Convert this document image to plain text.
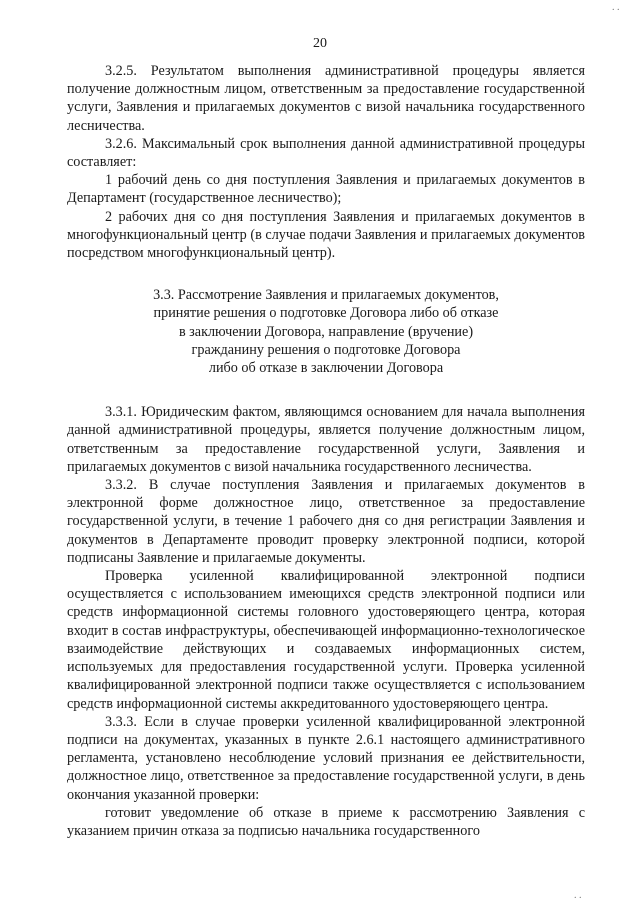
20

3.2.5. Результатом выполнения административной процедуры является получение должностным лицом, ответственным за предоставление государственной услуги, Заявления и прилагаемых документов с визой начальника государственного лесничества.

3.2.6. Максимальный срок выполнения данной административной процедуры составляет:

1 рабочий день со дня поступления Заявления и прилагаемых документов в Департамент (государственное лесничество);

2 рабочих дня со дня поступления Заявления и прилагаемых документов в многофункциональный центр (в случае подачи Заявления и прилагаемых документов посредством многофункциональный центр).

3.3. Рассмотрение Заявления и прилагаемых документов,
принятие решения о подготовке Договора либо об отказе
в заключении Договора, направление (вручение)
гражданину решения о подготовке Договора
либо об отказе в заключении Договора

3.3.1. Юридическим фактом, являющимся основанием для начала выполнения данной административной процедуры, является получение должностным лицом, ответственным за предоставление государственной услуги, Заявления и прилагаемых документов с визой начальника государственного лесничества.

3.3.2. В случае поступления Заявления и прилагаемых документов в электронной форме должностное лицо, ответственное за предоставление государственной услуги, в течение 1 рабочего дня со дня регистрации Заявления и документов в Департаменте проводит проверку электронной подписи, которой подписаны Заявление и прилагаемые документы.

Проверка усиленной квалифицированной электронной подписи осуществляется с использованием имеющихся средств электронной подписи или средств информационной системы головного удостоверяющего центра, которая входит в состав инфраструктуры, обеспечивающей информационно-технологическое взаимодействие действующих и создаваемых информационных систем, используемых для предоставления государственной услуги. Проверка усиленной квалифицированной электронной подписи также осуществляется с использованием средств информационной системы аккредитованного удостоверяющего центра.

3.3.3. Если в случае проверки усиленной квалифицированной электронной подписи на документах, указанных в пункте 2.6.1 настоящего административного регламента, установлено несоблюдение условий признания ее действительности, должностное лицо, ответственное за предоставление государственной услуги, в день окончания указанной проверки:

готовит уведомление об отказе в приеме к рассмотрению Заявления с указанием причин отказа за подписью начальника государственного

. .
. .
